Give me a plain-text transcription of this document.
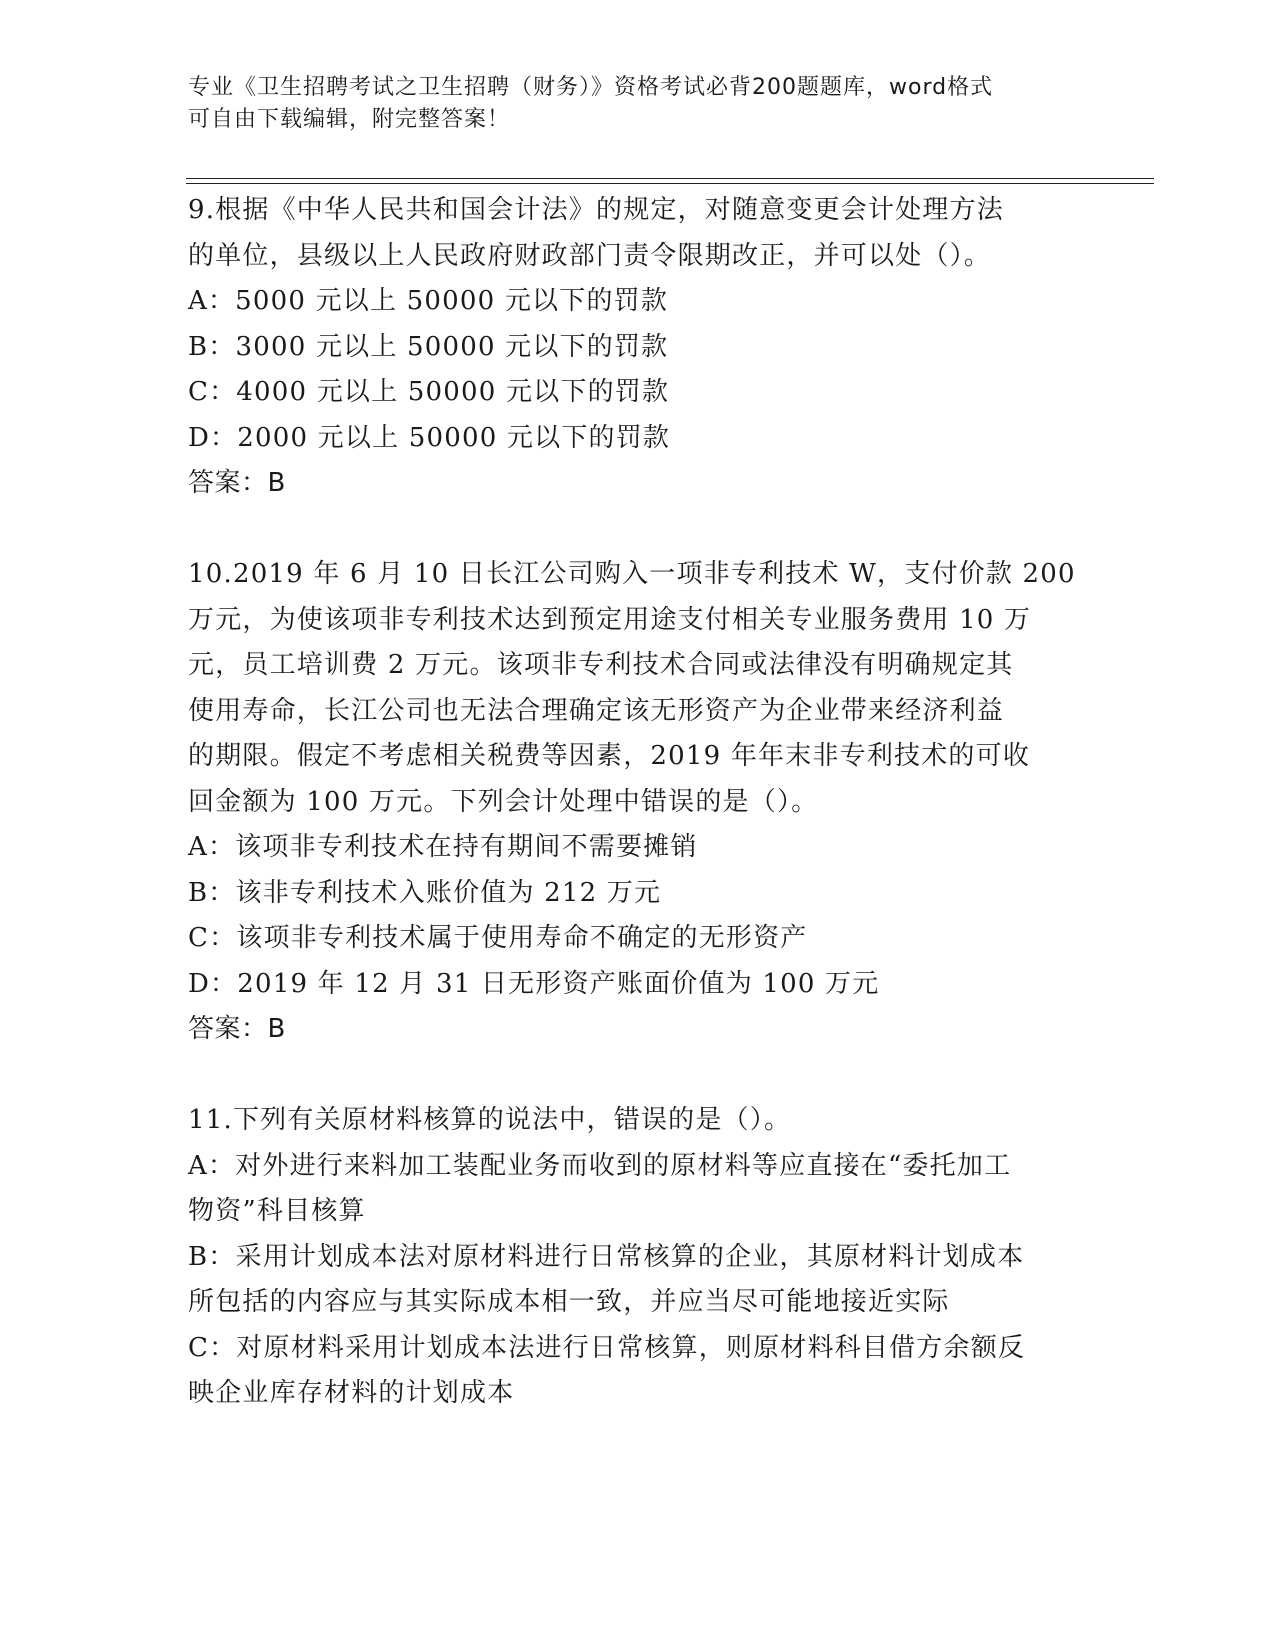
专业《卫生招聘考试之卫生招聘（财务）》资格考试必背200题题库，word格式
可自由下载编辑，附完整答案！
9.根据《中华人民共和国会计法》的规定，对随意变更会计处理方法
的单位，县级以上人民政府财政部门责令限期改正，并可以处（）。
A：5000 元以上 50000 元以下的罚款
B：3000 元以上 50000 元以下的罚款
C：4000 元以上 50000 元以下的罚款
D：2000 元以上 50000 元以下的罚款
答案：B
10.2019 年 6 月 10 日长江公司购入一项非专利技术 W，支付价款 200
万元，为使该项非专利技术达到预定用途支付相关专业服务费用 10 万
元，员工培训费 2 万元。该项非专利技术合同或法律没有明确规定其
使用寿命，长江公司也无法合理确定该无形资产为企业带来经济利益
的期限。假定不考虑相关税费等因素，2019 年年末非专利技术的可收
回金额为 100 万元。下列会计处理中错误的是（）。
A：该项非专利技术在持有期间不需要摊销
B：该非专利技术入账价值为 212 万元
C：该项非专利技术属于使用寿命不确定的无形资产
D：2019 年 12 月 31 日无形资产账面价值为 100 万元
答案：B
11.下列有关原材料核算的说法中，错误的是（）。
A：对外进行来料加工装配业务而收到的原材料等应直接在“委托加工
物资”科目核算
B：采用计划成本法对原材料进行日常核算的企业，其原材料计划成本
所包括的内容应与其实际成本相一致，并应当尽可能地接近实际
C：对原材料采用计划成本法进行日常核算，则原材料科目借方余额反
映企业库存材料的计划成本
